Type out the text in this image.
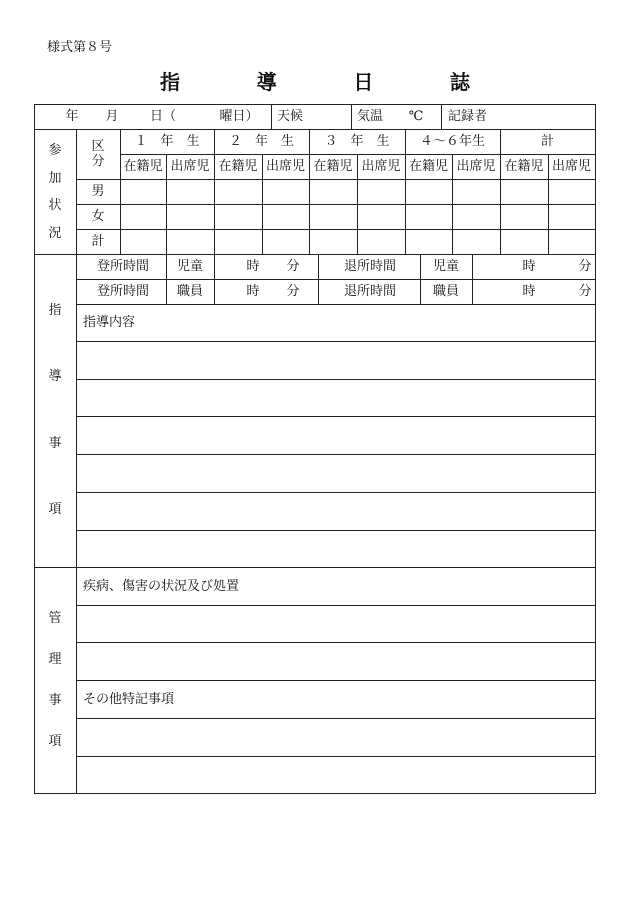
様式第８号
指	導	日	誌
年	月	日（	曜日）	天候	気温	℃	記録者
参
加
状
況
区
分
１　年　生	２　年　生	３　年　生	４～６年生	計
在籍児 出席児 在籍児 出席児 在籍児 出席児 在籍児 出席児 在籍児 出席児
男
女
計
指
導
事
項
登所時間	児童	時	分	退所時間	児童	時	分
登所時間	職員	時	分	退所時間	職員	時	分
指導内容
管
理
事
項
疾病、傷害の状況及び処置
その他特記事項
